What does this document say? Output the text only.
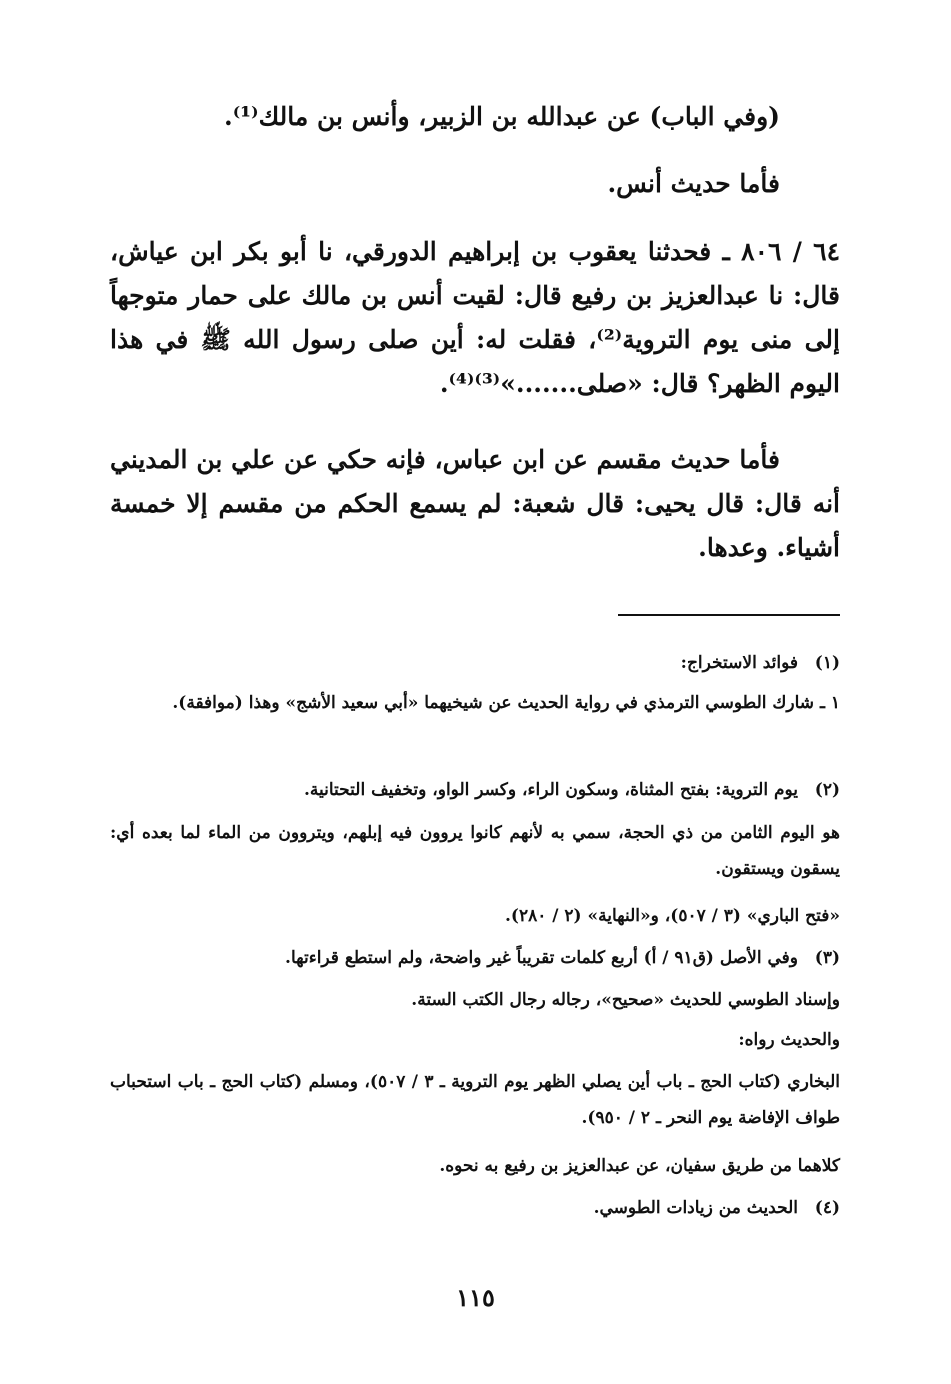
(وفي الباب) عن عبدالله بن الزبير، وأنس بن مالك⁽¹⁾.

فأما حديث أنس.

٦٤ / ٨٠٦ ـ فحدثنا يعقوب بن إبراهيم الدورقي، نا أبو بكر ابن عياش، قال: نا عبدالعزيز بن رفيع قال: لقيت أنس بن مالك على حمار متوجهاً إلى منى يوم التروية⁽²⁾، فقلت له: أين صلى رسول الله ﷺ في هذا اليوم الظهر؟ قال: «صلى.......»⁽³⁾⁽⁴⁾.

فأما حديث مقسم عن ابن عباس، فإنه حكي عن علي بن المديني أنه قال: قال يحيى: قال شعبة: لم يسمع الحكم من مقسم إلا خمسة أشياء. وعدها.

(١)فوائد الاستخراج:

١ ـ شارك الطوسي الترمذي في رواية الحديث عن شيخيهما «أبي سعيد الأشج» وهذا (موافقة).

(٢)يوم التروية: بفتح المثناة، وسكون الراء، وكسر الواو، وتخفيف التحتانية.

هو اليوم الثامن من ذي الحجة، سمي به لأنهم كانوا يروون فيه إبلهم، ويتروون من الماء لما بعده أي: يسقون ويستقون.

«فتح الباري» (٣ / ٥٠٧)، و«النهاية» (٢ / ٢٨٠).

(٣)وفي الأصل (ق٩١ / أ) أربع كلمات تقريباً غير واضحة، ولم استطع قراءتها.

وإسناد الطوسي للحديث «صحيح»، رجاله رجال الكتب الستة.

والحديث رواه:

البخاري (كتاب الحج ـ باب أين يصلي الظهر يوم التروية ـ ٣ / ٥٠٧)، ومسلم (كتاب الحج ـ باب استحباب طواف الإفاضة يوم النحر ـ ٢ / ٩٥٠).

كلاهما من طريق سفيان، عن عبدالعزيز بن رفيع به نحوه.

(٤)الحديث من زيادات الطوسي.

١١٥
